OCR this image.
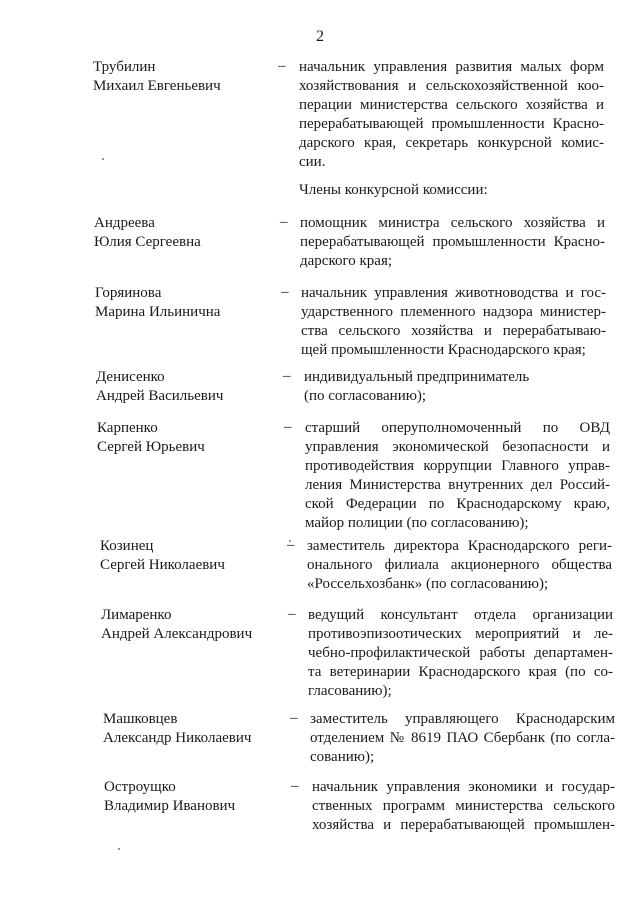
2
Трубилин
Михаил Евгеньевич
– начальник управления развития малых форм
хозяйствования и сельскохозяйственной коо-
перации министерства сельского хозяйства и
перерабатывающей промышленности Красно-
дарского края, секретарь конкурсной комис-
сии.
Члены конкурсной комиссии:
Андреева
Юлия Сергеевна
– помощник министра сельского хозяйства и
перерабатывающей промышленности Красно-
дарского края;
Горяинова
Марина Ильинична
– начальник управления животноводства и гос-
ударственного племенного надзора министер-
ства сельского хозяйства и перерабатываю-
щей промышленности Краснодарского края;
Денисенко
Андрей Васильевич
– индивидуальный предприниматель
(по согласованию);
Карпенко
Сергей Юрьевич
– старший оперуполномоченный по ОВД
управления экономической безопасности и
противодействия коррупции Главного управ-
ления Министерства внутренних дел Россий-
ской Федерации по Краснодарскому краю,
майор полиции (по согласованию);
Козинец
Сергей Николаевич
– заместитель директора Краснодарского реги-
онального филиала акционерного общества
«Россельхозбанк» (по согласованию);
Лимаренко
Андрей Александрович
– ведущий консультант отдела организации
противоэпизоотических мероприятий и ле-
чебно-профилактической работы департамен-
та ветеринарии Краснодарского края (по со-
гласованию);
Машковцев
Александр Николаевич
– заместитель управляющего Краснодарским
отделением № 8619 ПАО Сбербанк (по согла-
сованию);
Остроущко
Владимир Иванович
– начальник управления экономики и государ-
ственных программ министерства сельского
хозяйства и перерабатывающей промышлен-
